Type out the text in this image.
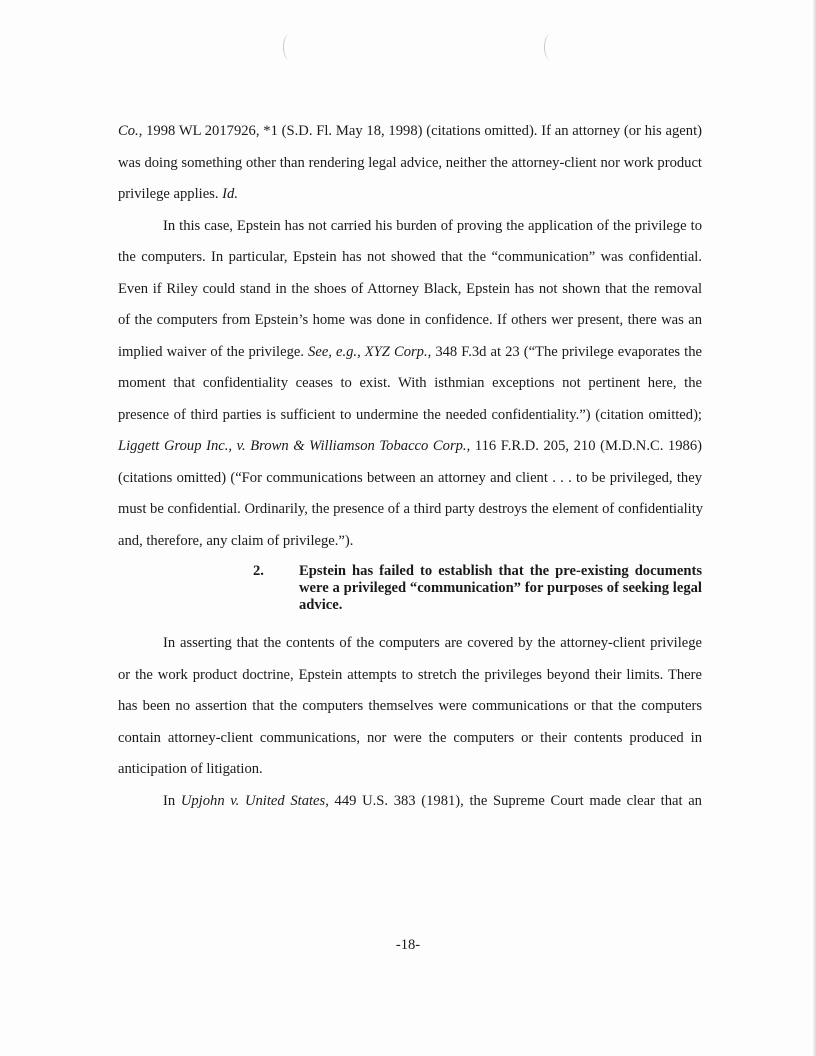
Co., 1998 WL 2017926, *1 (S.D. Fl. May 18, 1998) (citations omitted). If an attorney (or his agent)
was doing something other than rendering legal advice, neither the attorney-client nor work product
privilege applies. Id.
In this case, Epstein has not carried his burden of proving the application of the privilege to
the computers. In particular, Epstein has not showed that the “communication” was confidential.
Even if Riley could stand in the shoes of Attorney Black, Epstein has not shown that the removal
of the computers from Epstein’s home was done in confidence. If others wer present, there was an
implied waiver of the privilege. See, e.g., XYZ Corp., 348 F.3d at 23 (“The privilege evaporates the
moment that confidentiality ceases to exist. With isthmian exceptions not pertinent here, the
presence of third parties is sufficient to undermine the needed confidentiality.”) (citation omitted);
Liggett Group Inc., v. Brown & Williamson Tobacco Corp., 116 F.R.D. 205, 210 (M.D.N.C. 1986)
(citations omitted) (“For communications between an attorney and client . . . to be privileged, they
must be confidential. Ordinarily, the presence of a third party destroys the element of confidentiality
and, therefore, any claim of privilege.”).
2. Epstein has failed to establish that the pre-existing documents
were a privileged “communication” for purposes of seeking legal
advice.
In asserting that the contents of the computers are covered by the attorney-client privilege
or the work product doctrine, Epstein attempts to stretch the privileges beyond their limits. There
has been no assertion that the computers themselves were communications or that the computers
contain attorney-client communications, nor were the computers or their contents produced in
anticipation of litigation.
In Upjohn v. United States, 449 U.S. 383 (1981), the Supreme Court made clear that an
-18-
